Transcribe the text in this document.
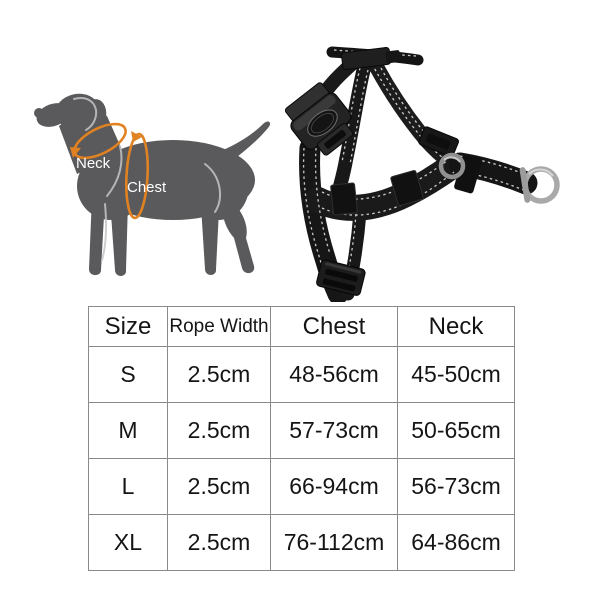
Neck
Chest
Size	Rope Width	Chest	Neck
S	2.5cm	48-56cm	45-50cm
M	2.5cm	57-73cm	50-65cm
L	2.5cm	66-94cm	56-73cm
XL	2.5cm	76-112cm	64-86cm
